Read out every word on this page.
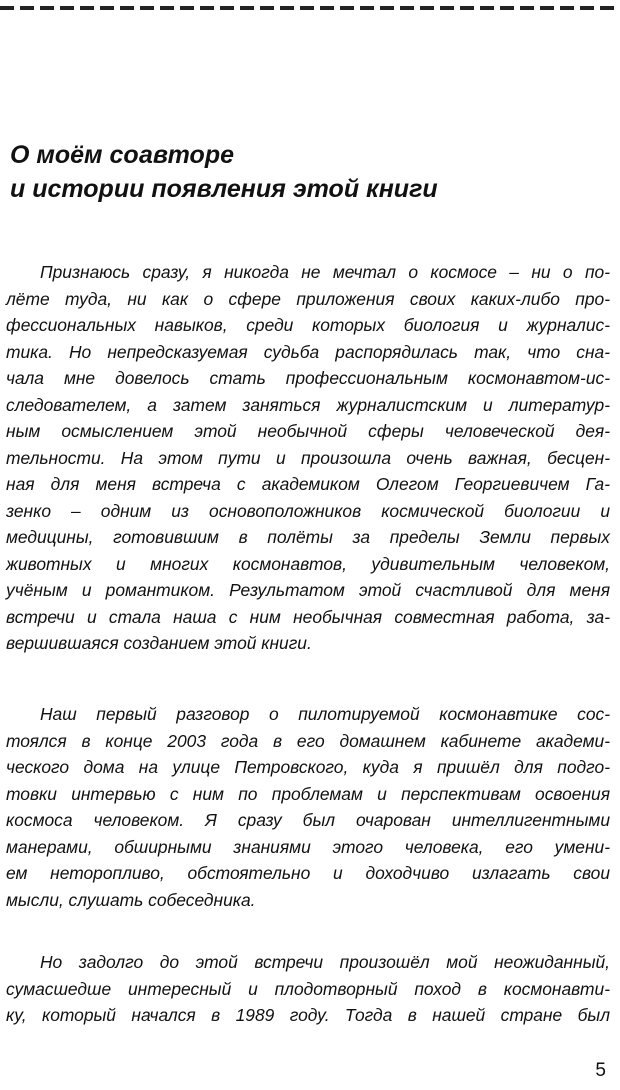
О моём соавторе
и истории появления этой книги
Признаюсь сразу, я никогда не мечтал о космосе – ни о по-
лёте туда, ни как о сфере приложения своих каких-либо про-
фессиональных навыков, среди которых биология и журналис-
тика. Но непредсказуемая судьба распорядилась так, что сна-
чала мне довелось стать профессиональным космонавтом-ис-
следователем, а затем заняться журналистским и литератур-
ным осмыслением этой необычной сферы человеческой дея-
тельности. На этом пути и произошла очень важная, бесцен-
ная для меня встреча с академиком Олегом Георгиевичем Га-
зенко – одним из основоположников космической биологии и
медицины, готовившим в полёты за пределы Земли первых
животных и многих космонавтов, удивительным человеком,
учёным и романтиком. Результатом этой счастливой для меня
встречи и стала наша с ним необычная совместная работа, за-
вершившаяся созданием этой книги.
Наш первый разговор о пилотируемой космонавтике сос-
тоялся в конце 2003 года в его домашнем кабинете академи-
ческого дома на улице Петровского, куда я пришёл для подго-
товки интервью с ним по проблемам и перспективам освоения
космоса человеком. Я сразу был очарован интеллигентными
манерами, обширными знаниями этого человека, его умени-
ем неторопливо, обстоятельно и доходчиво излагать свои
мысли, слушать собеседника.
Но задолго до этой встречи произошёл мой неожиданный,
сумасшедше интересный и плодотворный поход в космонавти-
ку, который начался в 1989 году. Тогда в нашей стране был
5
